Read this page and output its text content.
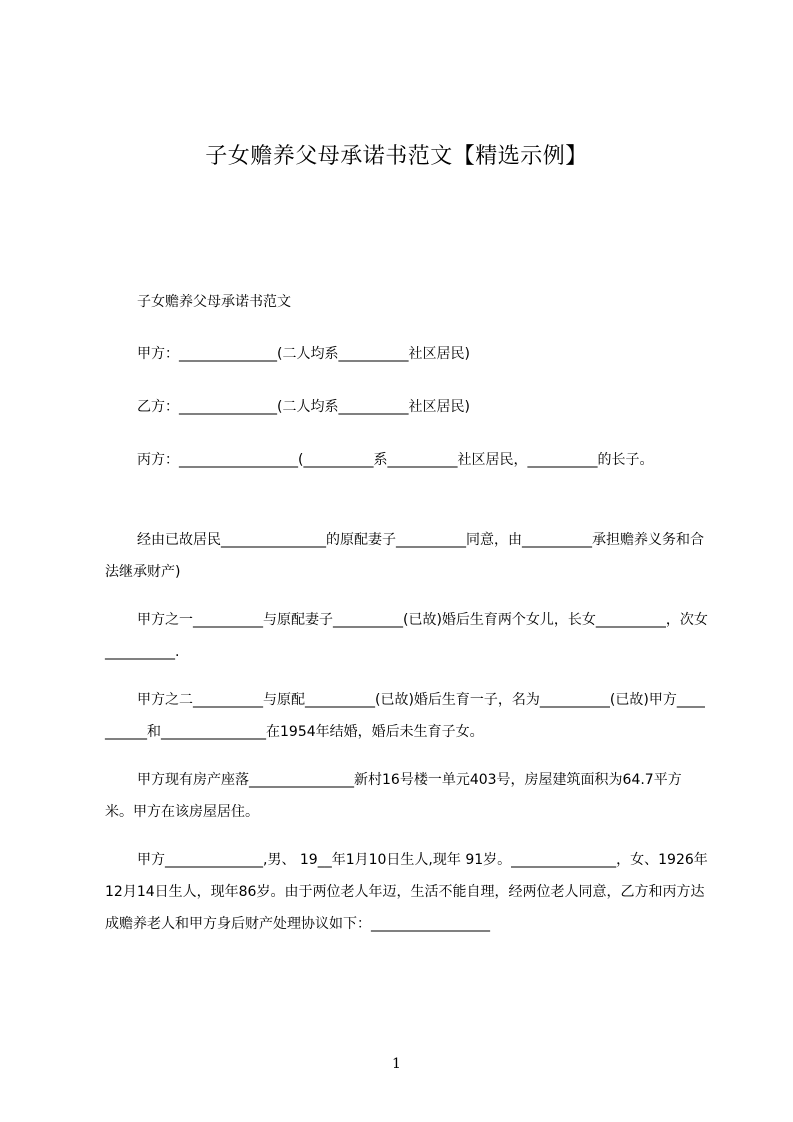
子女赡养父母承诺书范文【精选示例】
子女赡养父母承诺书范文
甲方：______________(二人均系__________社区居民)
乙方：______________(二人均系__________社区居民)
丙方：_________________(__________系__________社区居民，__________的长子。
经由已故居民_______________的原配妻子__________同意，由__________承担赡养义务和合法继承财产)
甲方之一__________与原配妻子__________(已故)婚后生育两个女儿，长女__________，次女__________.
甲方之二__________与原配__________(已故)婚后生育一子，名为__________(已故)甲方__________和_______________在1954年结婚，婚后未生育子女。
甲方现有房产座落_______________新村16号楼一单元403号，房屋建筑面积为64.7平方米。甲方在该房屋居住。
甲方______________,男、 19__年1月10日生人,现年 91岁。_______________，女、1926年12月14日生人，现年86岁。由于两位老人年迈，生活不能自理，经两位老人同意，乙方和丙方达成赡养老人和甲方身后财产处理协议如下：_________________
1
